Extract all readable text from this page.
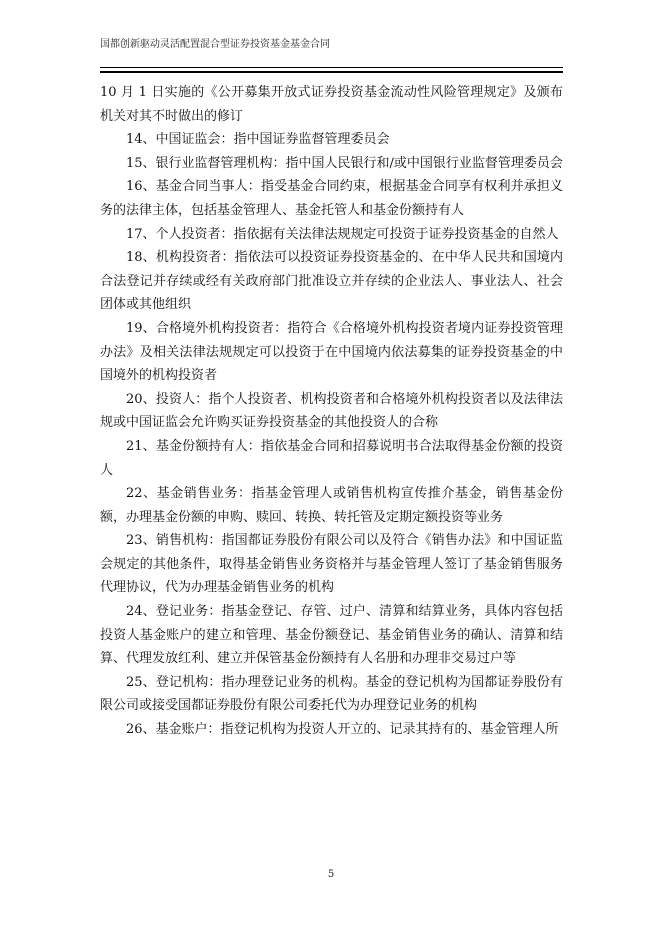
国都创新驱动灵活配置混合型证券投资基金基金合同

10 月 1 日实施的《公开募集开放式证券投资基金流动性风险管理规定》及颁布机关对其不时做出的修订

14、中国证监会：指中国证券监督管理委员会

15、银行业监督管理机构：指中国人民银行和/或中国银行业监督管理委员会

16、基金合同当事人：指受基金合同约束，根据基金合同享有权利并承担义务的法律主体，包括基金管理人、基金托管人和基金份额持有人

17、个人投资者：指依据有关法律法规规定可投资于证券投资基金的自然人

18、机构投资者：指依法可以投资证券投资基金的、在中华人民共和国境内合法登记并存续或经有关政府部门批准设立并存续的企业法人、事业法人、社会团体或其他组织

19、合格境外机构投资者：指符合《合格境外机构投资者境内证券投资管理办法》及相关法律法规规定可以投资于在中国境内依法募集的证券投资基金的中国境外的机构投资者

20、投资人：指个人投资者、机构投资者和合格境外机构投资者以及法律法规或中国证监会允许购买证券投资基金的其他投资人的合称

21、基金份额持有人：指依基金合同和招募说明书合法取得基金份额的投资人

22、基金销售业务：指基金管理人或销售机构宣传推介基金，销售基金份额，办理基金份额的申购、赎回、转换、转托管及定期定额投资等业务

23、销售机构：指国都证券股份有限公司以及符合《销售办法》和中国证监会规定的其他条件，取得基金销售业务资格并与基金管理人签订了基金销售服务代理协议，代为办理基金销售业务的机构

24、登记业务：指基金登记、存管、过户、清算和结算业务，具体内容包括投资人基金账户的建立和管理、基金份额登记、基金销售业务的确认、清算和结算、代理发放红利、建立并保管基金份额持有人名册和办理非交易过户等

25、登记机构：指办理登记业务的机构。基金的登记机构为国都证券股份有限公司或接受国都证券股份有限公司委托代为办理登记业务的机构

26、基金账户：指登记机构为投资人开立的、记录其持有的、基金管理人所

5
